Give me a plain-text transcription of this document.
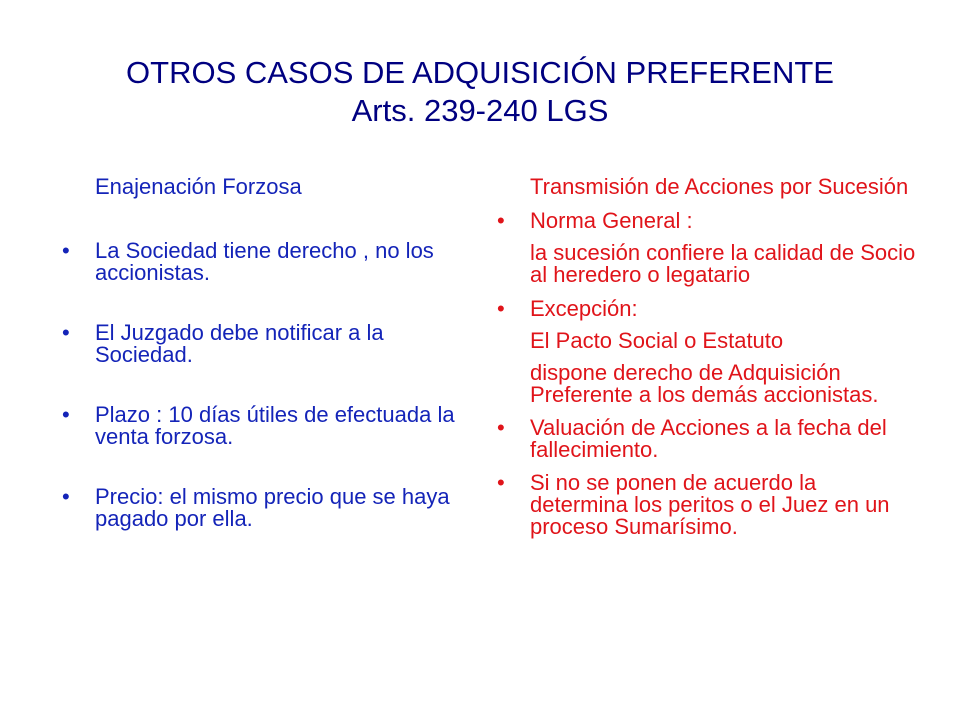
OTROS CASOS DE ADQUISICIÓN PREFERENTE
Arts. 239-240 LGS
Enajenación Forzosa
• La Sociedad tiene derecho , no los accionistas.
• El Juzgado debe notificar a la Sociedad.
• Plazo : 10 días útiles de efectuada la venta forzosa.
• Precio: el mismo precio que se haya pagado por ella.
Transmisión de Acciones por Sucesión
• Norma General :
la sucesión confiere la calidad de Socio al heredero o legatario
• Excepción:
El Pacto Social o Estatuto
dispone derecho de Adquisición Preferente a los demás accionistas.
• Valuación de Acciones a la fecha del fallecimiento.
• Si no se ponen de acuerdo la determina los peritos o el Juez en un proceso Sumarísimo.
